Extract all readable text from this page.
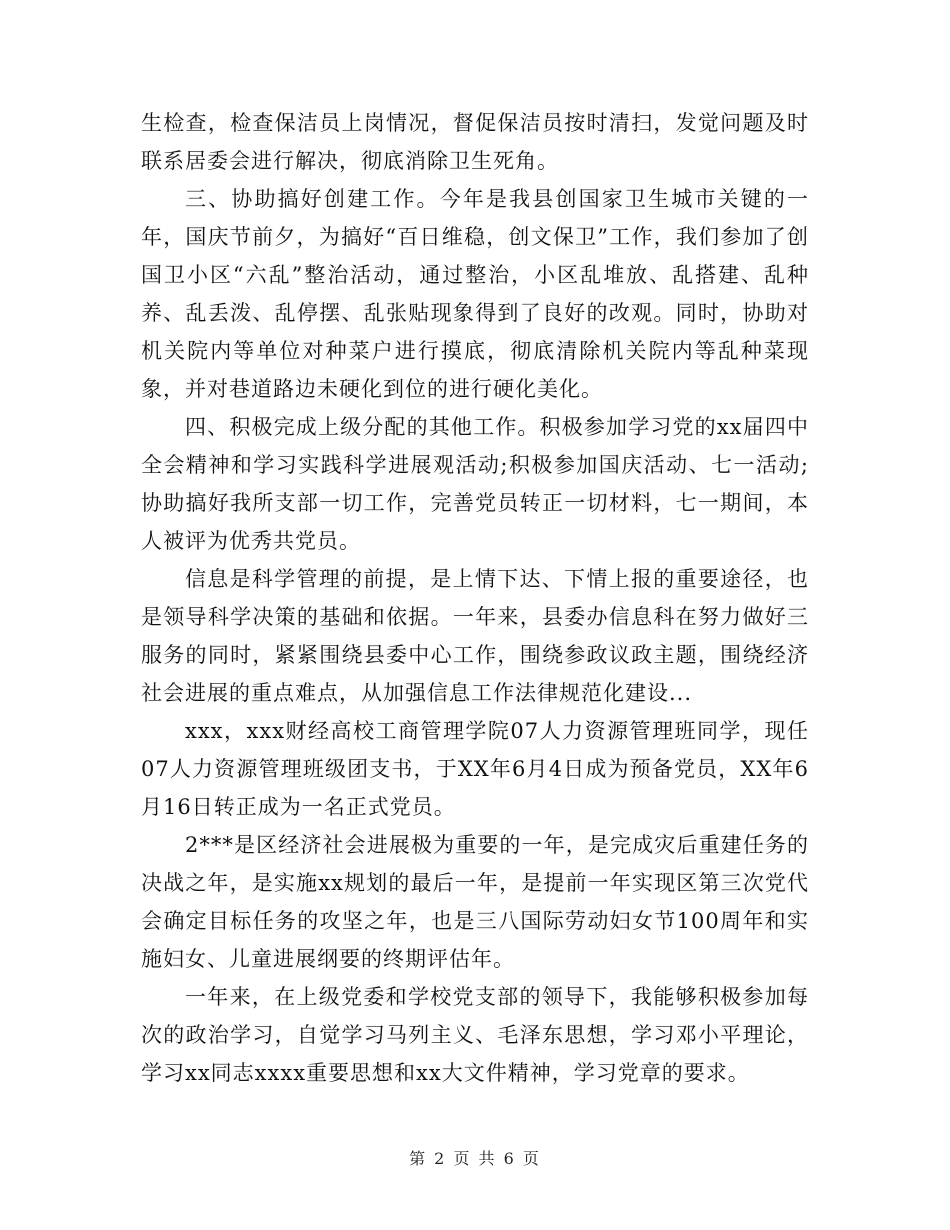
生检查，检查保洁员上岗情况，督促保洁员按时清扫，发觉问题及时联系居委会进行解决，彻底消除卫生死角。

三、协助搞好创建工作。今年是我县创国家卫生城市关键的一年，国庆节前夕，为搞好“百日维稳，创文保卫”工作，我们参加了创国卫小区“六乱”整治活动，通过整治，小区乱堆放、乱搭建、乱种养、乱丢泼、乱停摆、乱张贴现象得到了良好的改观。同时，协助对机关院内等单位对种菜户进行摸底，彻底清除机关院内等乱种菜现象，并对巷道路边未硬化到位的进行硬化美化。

四、积极完成上级分配的其他工作。积极参加学习党的xx届四中全会精神和学习实践科学进展观活动;积极参加国庆活动、七一活动;协助搞好我所支部一切工作，完善党员转正一切材料，七一期间，本人被评为优秀共党员。

信息是科学管理的前提，是上情下达、下情上报的重要途径，也是领导科学决策的基础和依据。一年来，县委办信息科在努力做好三服务的同时，紧紧围绕县委中心工作，围绕参政议政主题，围绕经济社会进展的重点难点，从加强信息工作法律规范化建设...

xxx，xxx财经高校工商管理学院07人力资源管理班同学，现任07人力资源管理班级团支书，于XX年6月4日成为预备党员，XX年6月16日转正成为一名正式党员。

2***是区经济社会进展极为重要的一年，是完成灾后重建任务的决战之年，是实施xx规划的最后一年，是提前一年实现区第三次党代会确定目标任务的攻坚之年，也是三八国际劳动妇女节100周年和实施妇女、儿童进展纲要的终期评估年。

一年来，在上级党委和学校党支部的领导下，我能够积极参加每次的政治学习，自觉学习马列主义、毛泽东思想，学习邓小平理论，学习xx同志xxxx重要思想和xx大文件精神，学习党章的要求。

第 2 页 共 6 页
